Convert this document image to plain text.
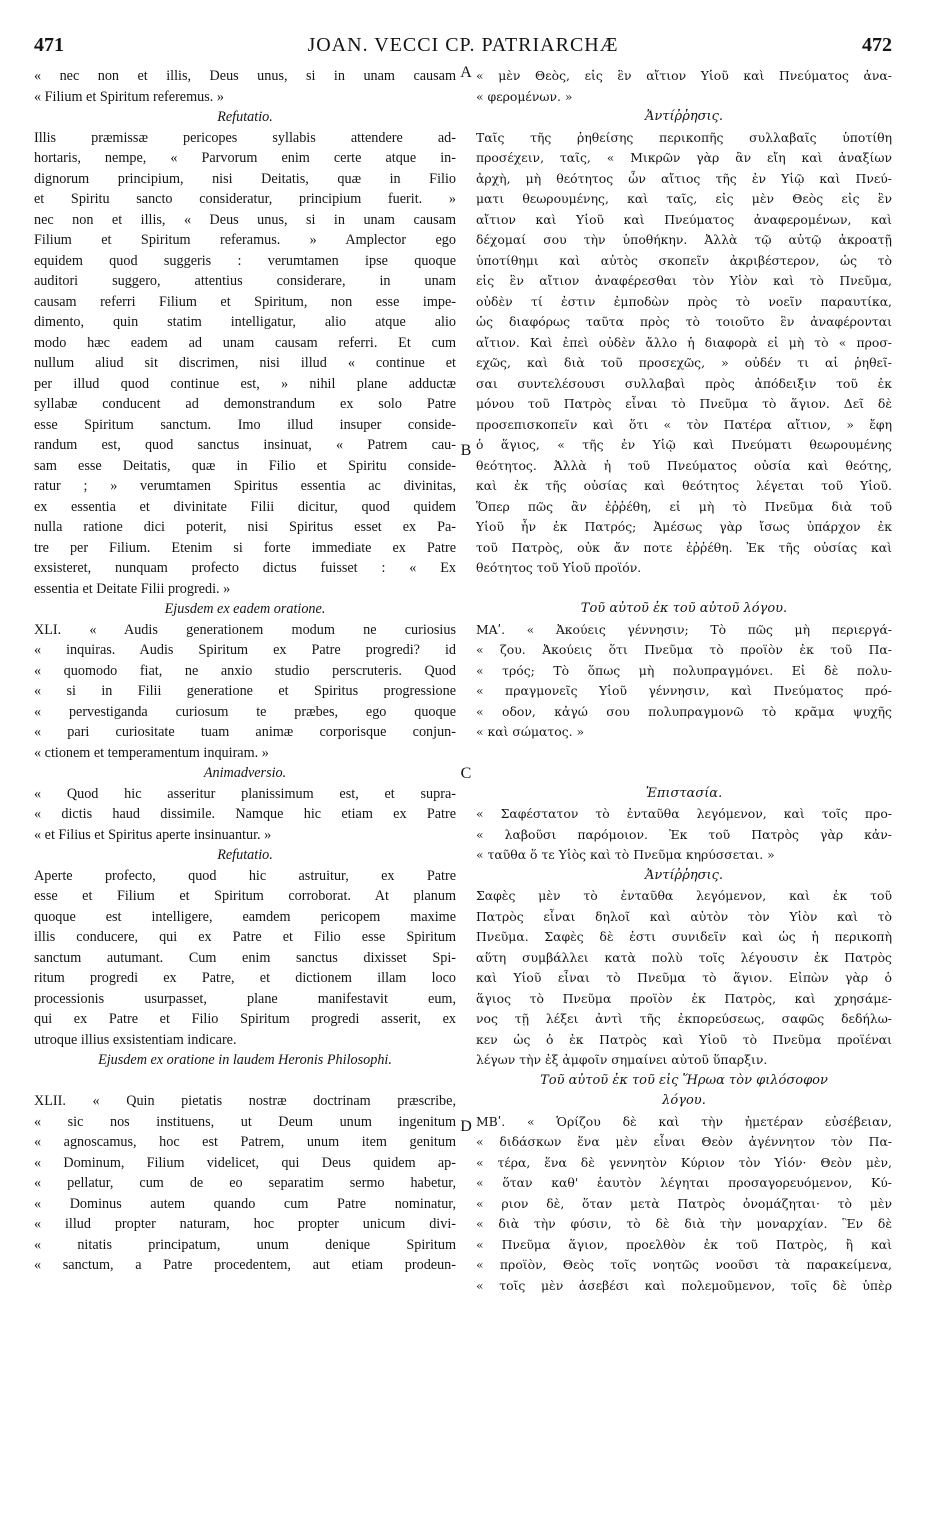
471	JOAN. VECCI CP. PATRIARCHÆ	472
« nec non et illis, Deus unus, si in unam causam
« Filium et Spiritum referemus. »
Refutatio.
Illis præmissæ pericopes syllabis attendere ad-
hortaris, nempe, « Parvorum enim certe atque in-
dignorum principium, nisi Deitatis, quæ in Filio
et Spiritu sancto consideratur, principium fuerit. »
nec non et illis, « Deus unus, si in unam causam
Filium et Spiritum referamus. » Amplector ego
equidem quod suggeris : verumtamen ipse quoque
auditori suggero, attentius considerare, in unam
causam referri Filium et Spiritum, non esse impe-
dimento, quin statim intelligatur, alio atque alio
modo hæc eadem ad unam causam referri. Et cum
nullum aliud sit discrimen, nisi illud « continue et
per illud quod continue est, » nihil plane adductæ
syllabæ conducent ad demonstrandum ex solo Patre
esse Spiritum sanctum. Imo illud insuper conside-
randum est, quod sanctus insinuat, « Patrem cau-
sam esse Deitatis, quæ in Filio et Spiritu conside-
ratur ; » verumtamen Spiritus essentia ac divinitas,
ex essentia et divinitate Filii dicitur, quod quidem
nulla ratione dici poterit, nisi Spiritus esset ex Pa-
tre per Filium. Etenim si forte immediate ex Patre
exsisteret, nunquam profecto dictus fuisset : « Ex
essentia et Deitate Filii progredi. »
Ejusdem ex eadem oratione.
XLI. « Audis generationem modum ne curiosius
« inquiras. Audis Spiritum ex Patre progredi? id
« quomodo fiat, ne anxio studio perscruteris. Quod
« si in Filii generatione et Spiritus progressione
« pervestiganda curiosum te præbes, ego quoque
« pari curiositate tuam animæ corporisque conjun-
« ctionem et temperamentum inquiram. »
Animadversio.
« Quod hic asseritur planissimum est, et supra-
« dictis haud dissimile. Namque hic etiam ex Patre
« et Filius et Spiritus aperte insinuantur. »
Refutatio.
Aperte profecto, quod hic astruitur, ex Patre
esse et Filium et Spiritum corroborat. At planum
quoque est intelligere, eamdem pericopem maxime
illis conducere, qui ex Patre et Filio esse Spiritum
sanctum autumant. Cum enim sanctus dixisset Spi-
ritum progredi ex Patre, et dictionem illam loco
processionis usurpasset, plane manifestavit eum,
qui ex Patre et Filio Spiritum progredi asserit, ex
utroque illius exsistentiam indicare.
Ejusdem ex oratione in laudem Heronis Philosophi.
XLII. « Quin pietatis nostræ doctrinam præscribe,
« sic nos instituens, ut Deum unum ingenitum
« agnoscamus, hoc est Patrem, unum item genitum
« Dominum, Filium videlicet, qui Deus quidem ap-
« pellatur, cum de eo separatim sermo habetur,
« Dominus autem quando cum Patre nominatur,
« illud propter naturam, hoc propter unicum divi-
« nitatis principatum, unum denique Spiritum
« sanctum, a Patre procedentem, aut etiam prodeun-
« μὲν Θεὸς, εἰς ἓν αἴτιον Υἱοῦ καὶ Πνεύματος ἀνα-
« φερομένων. »
Ἀντίῤῥησις.
Ταῖς τῆς ῥηθείσης περικοπῆς συλλαβαῖς ὑποτίθη
προσέχειν, ταῖς, « Μικρῶν γὰρ ἂν εἴη καὶ ἀναξίων
ἀρχὴ, μὴ θεότητος ὧν αἴτιος τῆς ἐν Υἱῷ καὶ Πνεύ-
ματι θεωρουμένης, καὶ ταῖς, εἰς μὲν Θεὸς εἰς ἓν
αἴτιον καὶ Υἱοῦ καὶ Πνεύματος ἀναφερομένων, καὶ
δέχομαί σου τὴν ὑποθήκην. Ἀλλὰ τῷ αὐτῷ ἀκροατῇ
ὑποτίθημι καὶ αὐτὸς σκοπεῖν ἀκριβέστερον, ὡς τὸ
εἰς ἓν αἴτιον ἀναφέρεσθαι τὸν Υἱὸν καὶ τὸ Πνεῦμα,
οὐδὲν τί ἐστιν ἐμποδὼν πρὸς τὸ νοεῖν παραυτίκα,
ὡς διαφόρως ταῦτα πρὸς τὸ τοιοῦτο ἓν ἀναφέρονται
αἴτιον. Καὶ ἐπεὶ οὐδὲν ἄλλο ἡ διαφορὰ εἰ μὴ τὸ « προσ-
εχῶς, καὶ διὰ τοῦ προσεχῶς, » οὐδέν τι αἱ ῥηθεῖ-
σαι συντελέσουσι συλλαβαὶ πρὸς ἀπόδειξιν τοῦ ἐκ
μόνου τοῦ Πατρὸς εἶναι τὸ Πνεῦμα τὸ ἅγιον. Δεῖ δὲ
προσεπισκοπεῖν καὶ ὅτι « τὸν Πατέρα αἴτιον, » ἔφη
ὁ ἅγιος, « τῆς ἐν Υἱῷ καὶ Πνεύματι θεωρουμένης
θεότητος. Ἀλλὰ ἡ τοῦ Πνεύματος οὐσία καὶ θεότης,
καὶ ἐκ τῆς οὐσίας καὶ θεότητος λέγεται τοῦ Υἱοῦ.
Ὅπερ πῶς ἂν ἐῤῥέθη, εἰ μὴ τὸ Πνεῦμα διὰ τοῦ
Υἱοῦ ἦν ἐκ Πατρός; Ἀμέσως γὰρ ἴσως ὑπάρχον ἐκ
τοῦ Πατρὸς, οὐκ ἄν ποτε ἐῤῥέθη. Ἐκ τῆς οὐσίας καὶ
θεότητος τοῦ Υἱοῦ προϊόν.
Τοῦ αὐτοῦ ἐκ τοῦ αὐτοῦ λόγου.
ΜΑʹ. « Ἀκούεις γέννησιν; Τὸ πῶς μὴ περιεργά-
« ζου. Ἀκούεις ὅτι Πνεῦμα τὸ προϊὸν ἐκ τοῦ Πα-
« τρός; Τὸ ὅπως μὴ πολυπραγμόνει. Εἰ δὲ πολυ-
« πραγμονεῖς Υἱοῦ γέννησιν, καὶ Πνεύματος πρό-
« οδον, κἀγώ σου πολυπραγμονῶ τὸ κρᾶμα ψυχῆς
« καὶ σώματος. »
Ἐπιστασία.
« Σαφέστατον τὸ ἐνταῦθα λεγόμενον, καὶ τοῖς προ-
« λαβοῦσι παρόμοιον. Ἐκ τοῦ Πατρὸς γὰρ κἀν-
« ταῦθα ὅ τε Υἱὸς καὶ τὸ Πνεῦμα κηρύσσεται. »
Ἀντίῤῥησις.
Σαφὲς μὲν τὸ ἐνταῦθα λεγόμενον, καὶ ἐκ τοῦ
Πατρὸς εἶναι δηλοῖ καὶ αὐτὸν τὸν Υἱὸν καὶ τὸ
Πνεῦμα. Σαφὲς δὲ ἐστι συνιδεῖν καὶ ὡς ἡ περικοπὴ
αὕτη συμβάλλει κατὰ πολὺ τοῖς λέγουσιν ἐκ Πατρὸς
καὶ Υἱοῦ εἶναι τὸ Πνεῦμα τὸ ἅγιον. Εἰπὼν γὰρ ὁ
ἅγιος τὸ Πνεῦμα προϊὸν ἐκ Πατρὸς, καὶ χρησάμε-
νος τῇ λέξει ἀντὶ τῆς ἐκπορεύσεως, σαφῶς δεδήλω-
κεν ὡς ὁ ἐκ Πατρὸς καὶ Υἱοῦ τὸ Πνεῦμα προϊέναι
λέγων τὴν ἐξ ἀμφοῖν σημαίνει αὐτοῦ ὕπαρξιν.
Τοῦ αὐτοῦ ἐκ τοῦ εἰς Ἥρωα τὸν φιλόσοφον
λόγου.
ΜΒʹ. « Ὁρίζου δὲ καὶ τὴν ἡμετέραν εὐσέβειαν,
« διδάσκων ἕνα μὲν εἶναι Θεὸν ἀγέννητον τὸν Πα-
« τέρα, ἕνα δὲ γεννητὸν Κύριον τὸν Υἱόν· Θεὸν μὲν,
« ὅταν καθ' ἑαυτὸν λέγηται προσαγορευόμενον, Κύ-
« ριον δὲ, ὅταν μετὰ Πατρὸς ὀνομάζηται· τὸ μὲν
« διὰ τὴν φύσιν, τὸ δὲ διὰ τὴν μοναρχίαν. Ἓν δὲ
« Πνεῦμα ἅγιον, προελθὸν ἐκ τοῦ Πατρὸς, ἢ καὶ
« προϊὸν, Θεὸς τοῖς νοητῶς νοοῦσι τὰ παρακείμενα,
« τοῖς μὲν ἀσεβέσι καὶ πολεμοῦμενον, τοῖς δὲ ὑπὲρ
A
B
C
D
